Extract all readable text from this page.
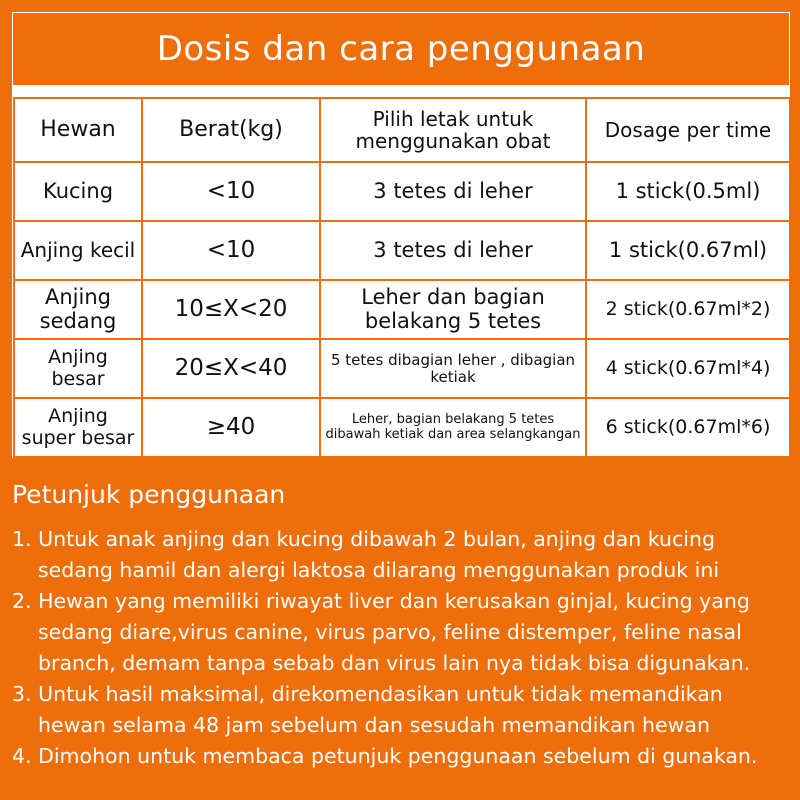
Dosis dan cara penggunaan
Hewan	Berat(kg)	Pilih letak untuk menggunakan obat	Dosage per time
Kucing	<10	3 tetes di leher	1 stick(0.5ml)
Anjing kecil	<10	3 tetes di leher	1 stick(0.67ml)
Anjing sedang	10≤X<20	Leher dan bagian belakang 5 tetes	2 stick(0.67ml*2)
Anjing besar	20≤X<40	5 tetes dibagian leher , dibagian ketiak	4 stick(0.67ml*4)
Anjing super besar	≥40	Leher, bagian belakang 5 tetes dibawah ketiak dan area selangkangan	6 stick(0.67ml*6)
Petunjuk penggunaan
1. Untuk anak anjing dan kucing dibawah 2 bulan, anjing dan kucing sedang hamil dan alergi laktosa dilarang menggunakan produk ini
2. Hewan yang memiliki riwayat liver dan kerusakan ginjal, kucing yang sedang diare,virus canine, virus parvo, feline distemper, feline nasal branch, demam tanpa sebab dan virus lain nya tidak bisa digunakan.
3. Untuk hasil maksimal, direkomendasikan untuk tidak memandikan hewan selama 48 jam sebelum dan sesudah memandikan hewan
4. Dimohon untuk membaca petunjuk penggunaan sebelum di gunakan.
